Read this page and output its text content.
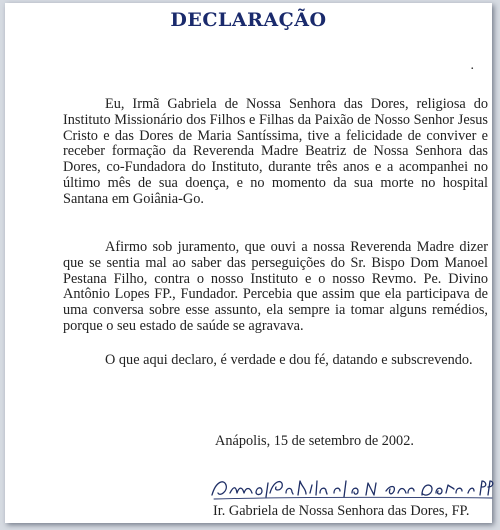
DECLARAÇÃO
.

Eu, Irmã Gabriela de Nossa Senhora das Dores, religiosa do Instituto Missionário dos Filhos e Filhas da Paixão de Nosso Senhor Jesus Cristo e das Dores de Maria Santíssima, tive a felicidade de conviver e receber formação da Reverenda Madre Beatriz de Nossa Senhora das Dores, co-Fundadora do Instituto, durante três anos e a acompanhei no último mês de sua doença, e no momento da sua morte no hospital Santana em Goiânia-Go.

Afirmo sob juramento, que ouvi a nossa Reverenda Madre dizer que se sentia mal ao saber das perseguições do Sr. Bispo Dom Manoel Pestana Filho, contra o nosso Instituto e o nosso Revmo. Pe. Divino Antônio Lopes FP., Fundador. Percebia que assim que ela participava de uma conversa sobre esse assunto, ela sempre ia tomar alguns remédios, porque o seu estado de saúde se agravava.

O que aqui declaro, é verdade e dou fé, datando e subscrevendo.

Anápolis, 15 de setembro de 2002.
Ir. Gabriela de Nossa Senhora das Dores, FP.
